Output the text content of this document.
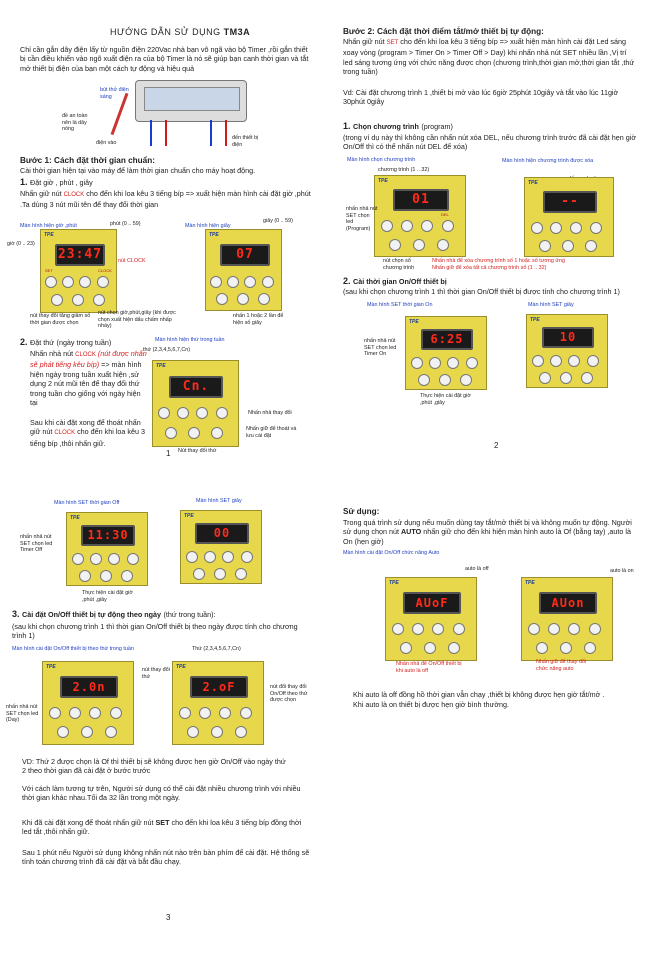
HƯỚNG DẪN SỬ DỤNG TM3A
Chỉ cần gắn dây điện lấy từ nguồn điện 220Vac nhà bạn vô ngã vào bộ Timer ,rồi gắn thiết bị cần điều khiển vào ngõ xuất điện ra của bộ Timer là nó sẽ giúp bạn canh thời gian và tắt mở thiết bị điện của bạn một cách tự động và hiệu quả
bút thử điện sáng
đề an toàn nên là dây nóng
điện vào
đến thiết bị điện
Bước 1: Cách đặt thời gian chuẩn:
Cài thời gian hiện tại vào máy để làm thời gian chuẩn cho máy hoạt động.
1. Đặt giờ , phút , giây
Nhấn giữ nút CLOCK cho đến khi loa kêu 3 tiếng bíp => xuất hiện màn hình cài đặt giờ ,phút .Ta dùng 3 nút mũi tên để thay đổi thời gian
Màn hình hiện giờ ,phút	phút (0 .. 59)	Màn hình hiện giây
giây (0 .. 59)
giờ (0 .. 23)
nút CLOCK
TPE
23:47
SET	CLOCK
TPE
07
nút thay đổi tăng giảm số thời gian được chọn
nút chọn giờ,phút,giây (khi được chọn xuất hiện dấu chấm nhấp nháy)
nhấn 1 hoặc 2 lần để hiện số giây
2. Đặt thứ (ngày trong tuần)
Nhấn nhả nút CLOCK (nút được nhấn sẽ phát tiếng kêu bíp) => màn hình hiện ngày trong tuần xuất hiện ,sử dụng 2 nút mũi tên để thay đổi thứ trong tuần cho giống với ngày hiện tại
Sau khi cài đặt xong để thoát nhấn giữ nút CLOCK cho đến khi loa kêu 3 tiếng bíp ,thôi nhấn giữ.
Màn hình hiện thứ trong tuần
thứ (2,3,4,5,6,7,Cn)
TPE
Cn.
Nhấn nhả thay đổi
Nhấn giữ để thoát và lưu cài đặt
Nút thay đổi thứ
1
Màn hình SET thời gian Off	Màn hình SET giây
TPE
11:30
TPE
00
nhấn nhả nút SET chọn led Timer Off
Thực hiện cài đặt giờ ,phút ,giây
3. Cài đặt On/Off thiết bị tự động theo ngày (thứ trong tuần):
(sau khi chọn chương trình 1 thì thời gian On/Off thiết bị theo ngày được tính cho chương trình 1)
Màn hình cài đặt On/Off thiết bị theo thứ trong tuần	Thứ (2,3,4,5,6,7,Cn)
TPE
2.0n
TPE
2.oF
nút thay đổi thứ
nhấn nhả nút SET chọn led (Day)
nút đổi thay đổi On/Off theo thứ được chọn
VD: Thứ 2 được chọn là Of thì thiết bị sẽ không được hẹn giờ On/Off vào ngày thứ 2 theo thời gian đã cài đặt ở bước trước
Với cách làm tương tự trên, Người sử dụng có thể cài đặt nhiều chương trình với nhiều thời gian khác nhau.Tối đa 32 lần trong một ngày.
Khi đã cài đặt xong để thoát nhấn giữ nút SET cho đến khi loa kêu 3 tiếng bíp đồng thời led tắt ,thôi nhấn giữ.
Sau 1 phút nếu Người sử dụng không nhấn nút nào trên bàn phím để cài đặt. Hệ thống sẽ tính toán chương trình đã cài đặt và bắt đầu chạy.
3
Bước 2: Cách đặt thời điểm tắt/mở thiết bị tự động:
Nhấn giữ nút SET cho đến khi loa kêu 3 tiếng bíp => xuất hiện màn hình cài đặt Led sáng xoay vòng (program > Timer On > Timer Off > Day) khi nhấn nhả nút SET nhiều lần ,Vị trí led sáng tương ứng với chức năng được chọn (chương trình,thời gian mở,thời gian tắt ,thứ trong tuần)
Vd: Cài đặt chương trình 1 ,thiết bị mở vào lúc 6giờ 25phút 10giây và tắt vào lúc 11giờ 30phút 0giây
1. Chọn chương trình (program)
(trong ví dụ này thì không cần nhấn nút xóa DEL, nếu chương trình trước đã cài đặt hẹn giờ On/Off thì có thể nhấn nút DEL để xóa)
Màn hình chọn chương trình	Màn hình hiện chương trình được xóa
chương trình (1 .. 32)
TPE
01
DEL
TPE
--
nhấn nhả nút SET chọn led (Program)
nút chọn số chương trình
Nhấn nhả để xóa chương trình số 1 hoặc số tương ứng
Nhấn giữ để xóa tất cả chương trình số (1 .. 32)
2. Cài thời gian On/Off thiết bị
(sau khi chọn chương trình 1 thì thời gian On/Off thiết bị được tính cho chương trình 1)
Màn hình SET thời gian On	Màn hình SET giây
TPE
6:25
TPE
10
nhấn nhả nút SET chọn led Timer On
Thực hiện cài đặt giờ ,phút ,giây
2
Sử dụng:
Trong quá trình sử dụng nếu muốn dùng tay tắt/mở thiết bị và không muốn tự động. Người sử dụng chọn nút AUTO nhấn giữ cho đến khi hiện màn hình auto là Of (bằng tay) ,auto là On (hẹn giờ)
Màn hình cài đặt On/Off chức năng Auto
auto là off	auto là on
TPE
AUoF
TPE
AUon
Nhấn nhả để On/Off thiết bị khi auto là off
Nhấn giữ để thay đổi chức năng auto
Khi auto là off đồng hồ thời gian vẫn chạy ,thiết bị không được hẹn giờ tắt/mở .
Khi auto là on thiết bị được hẹn giờ bình thường.
